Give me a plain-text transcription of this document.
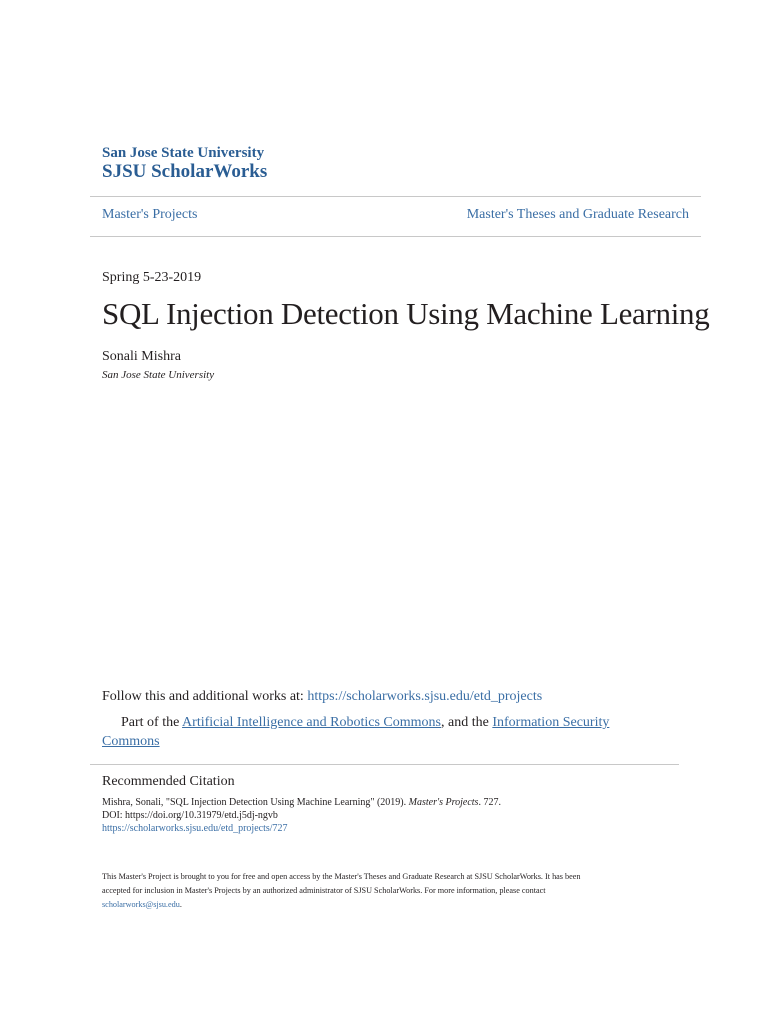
San Jose State University
SJSU ScholarWorks
Master's Projects	Master's Theses and Graduate Research
Spring 5-23-2019
SQL Injection Detection Using Machine Learning
Sonali Mishra
San Jose State University
Follow this and additional works at: https://scholarworks.sjsu.edu/etd_projects
Part of the Artificial Intelligence and Robotics Commons, and the Information Security Commons
Recommended Citation
Mishra, Sonali, "SQL Injection Detection Using Machine Learning" (2019). Master's Projects. 727.
DOI: https://doi.org/10.31979/etd.j5dj-ngvb
https://scholarworks.sjsu.edu/etd_projects/727
This Master's Project is brought to you for free and open access by the Master's Theses and Graduate Research at SJSU ScholarWorks. It has been
accepted for inclusion in Master's Projects by an authorized administrator of SJSU ScholarWorks. For more information, please contact
scholarworks@sjsu.edu.
